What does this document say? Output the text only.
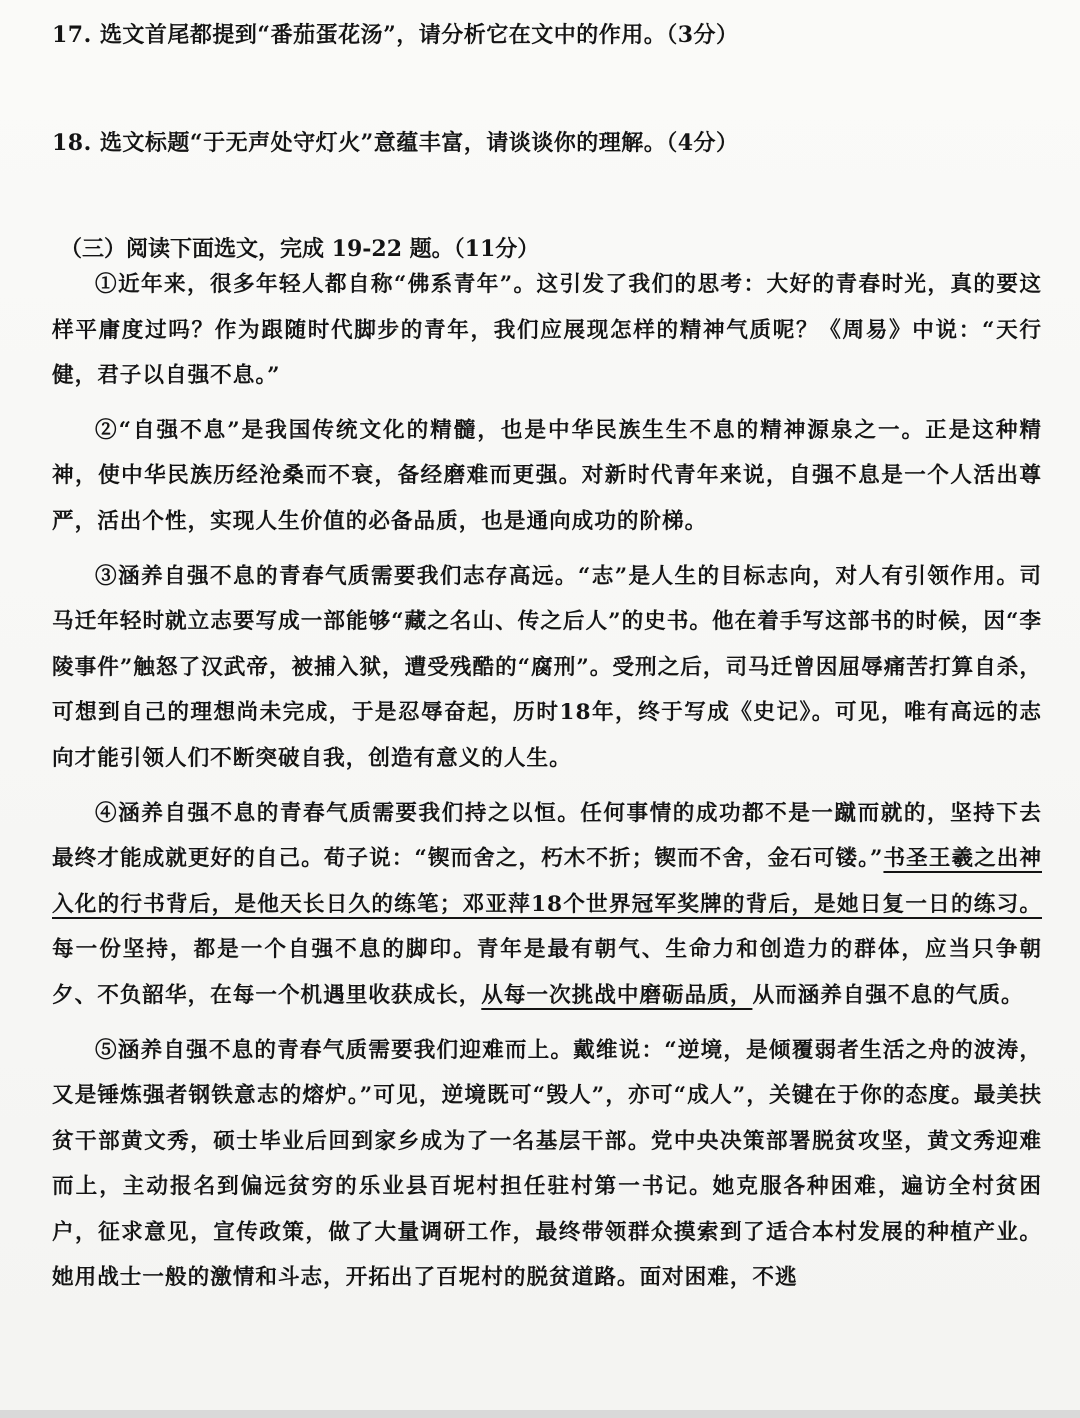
17. 选文首尾都提到“番茄蛋花汤”，请分析它在文中的作用。（3分）
18. 选文标题“于无声处守灯火”意蕴丰富，请谈谈你的理解。（4分）
（三）阅读下面选文，完成 19-22 题。（11分）

①近年来，很多年轻人都自称“佛系青年”。这引发了我们的思考：大好的青春时光，真的要这样平庸度过吗？作为跟随时代脚步的青年，我们应展现怎样的精神气质呢？《周易》中说：“天行健，君子以自强不息。”

②“自强不息”是我国传统文化的精髓，也是中华民族生生不息的精神源泉之一。正是这种精神，使中华民族历经沧桑而不衰，备经磨难而更强。对新时代青年来说，自强不息是一个人活出尊严，活出个性，实现人生价值的必备品质，也是通向成功的阶梯。

③涵养自强不息的青春气质需要我们志存高远。“志”是人生的目标志向，对人有引领作用。司马迁年轻时就立志要写成一部能够“藏之名山、传之后人”的史书。他在着手写这部书的时候，因“李陵事件”触怒了汉武帝，被捕入狱，遭受残酷的“腐刑”。受刑之后，司马迁曾因屈辱痛苦打算自杀，可想到自己的理想尚未完成，于是忍辱奋起，历时18年，终于写成《史记》。可见，唯有高远的志向才能引领人们不断突破自我，创造有意义的人生。

④涵养自强不息的青春气质需要我们持之以恒。任何事情的成功都不是一蹴而就的，坚持下去最终才能成就更好的自己。荀子说：“锲而舍之，朽木不折；锲而不舍，金石可镂。”书圣王羲之出神入化的行书背后，是他天长日久的练笔；邓亚萍18个世界冠军奖牌的背后，是她日复一日的练习。每一份坚持，都是一个自强不息的脚印。青年是最有朝气、生命力和创造力的群体，应当只争朝夕、不负韶华，在每一个机遇里收获成长，从每一次挑战中磨砺品质，从而涵养自强不息的气质。

⑤涵养自强不息的青春气质需要我们迎难而上。戴维说：“逆境，是倾覆弱者生活之舟的波涛，又是锤炼强者钢铁意志的熔炉。”可见，逆境既可“毁人”，亦可“成人”，关键在于你的态度。最美扶贫干部黄文秀，硕士毕业后回到家乡成为了一名基层干部。党中央决策部署脱贫攻坚，黄文秀迎难而上，主动报名到偏远贫穷的乐业县百坭村担任驻村第一书记。她克服各种困难，遍访全村贫困户，征求意见，宣传政策，做了大量调研工作，最终带领群众摸索到了适合本村发展的种植产业。她用战士一般的激情和斗志，开拓出了百坭村的脱贫道路。面对困难，不逃
